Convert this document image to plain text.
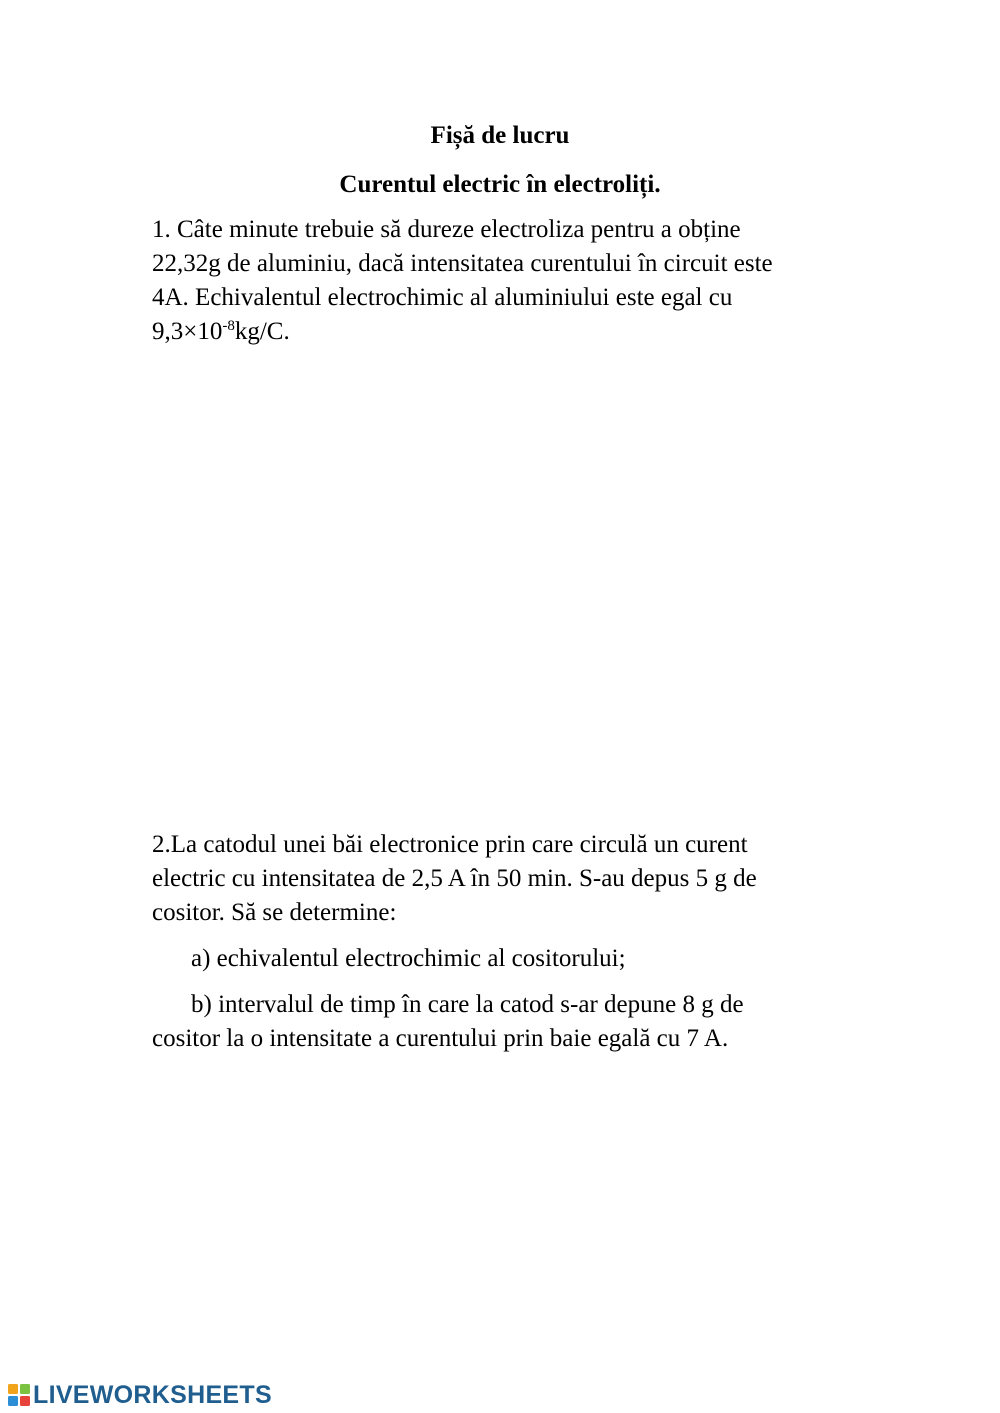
Fișă de lucru
Curentul electric în electroliți.
1. Câte minute trebuie să dureze electroliza pentru a obține
22,32g de aluminiu, dacă intensitatea curentului în circuit este
4A. Echivalentul electrochimic al aluminiului este egal cu
$9,3\times 10^{-8}kg/C$.
2.La catodul unei băi electronice prin care circulă un curent
electric cu intensitatea de 2,5 A în 50 min. S-au depus 5 g de
cositor. Să se determine:
a) echivalentul electrochimic al cositorului;
b) intervalul de timp în care la catod s-ar depune 8 g de
cositor la o intensitate a curentului prin baie egală cu 7 A.
LIVEWORKSHEETS
